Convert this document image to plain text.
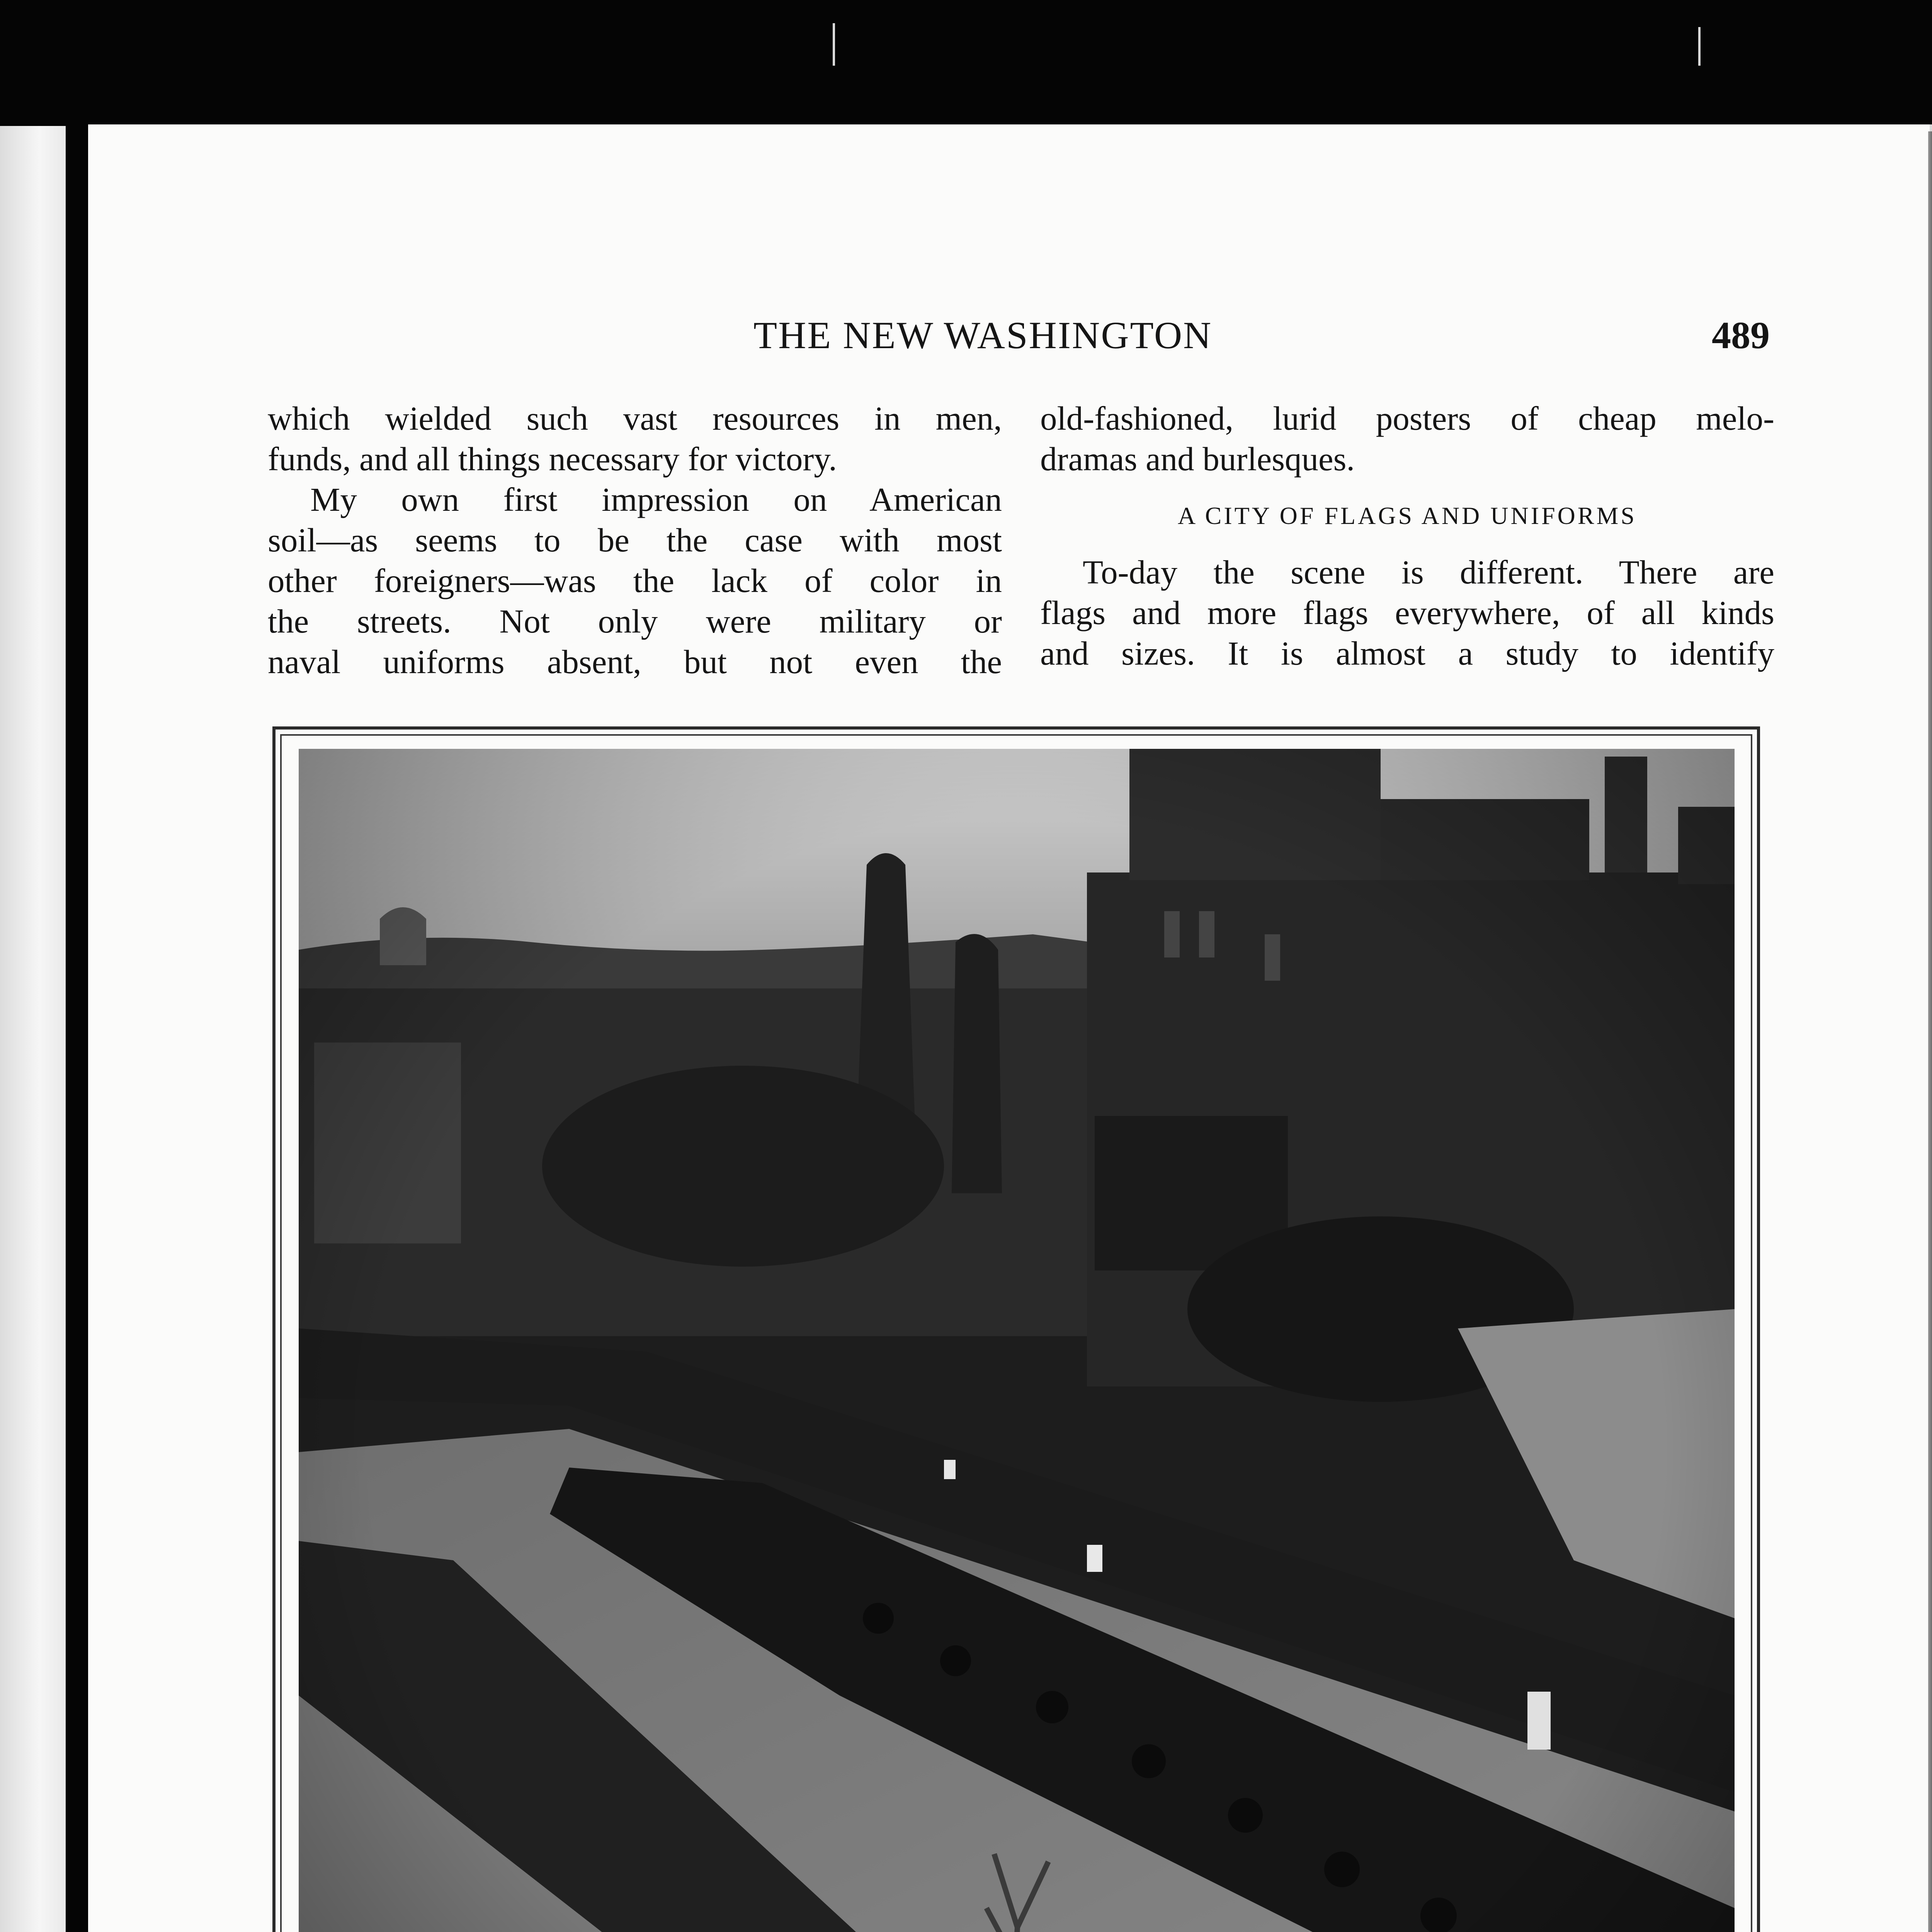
THE NEW WASHINGTON	489

which wielded such vast resources in men,

funds, and all things necessary for victory.

My own first impression on American

soil—as seems to be the case with most

other foreigners—was the lack of color in

the streets. Not only were military or

naval uniforms absent, but not even the

old-fashioned, lurid posters of cheap melo-

dramas and burlesques.

A CITY OF FLAGS AND UNIFORMS

To-day the scene is different. There are

flags and more flags everywhere, of all kinds

and sizes. It is almost a study to identify
